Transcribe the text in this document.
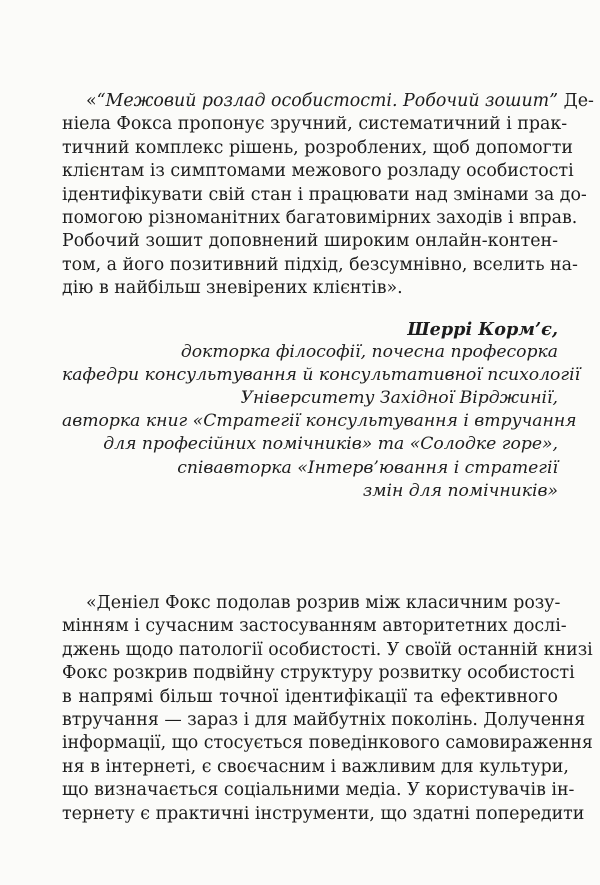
«“Межовий розлад особистості. Робочий зошит” Де-
ніела Фокса пропонує зручний, систематичний і прак-
тичний комплекс рішень, розроблених, щоб допомогти
клієнтам із симптомами межового розладу особистості
ідентифікувати свій стан і працювати над змінами за до-
помогою різноманітних багатовимірних заходів і вправ.
Робочий зошит доповнений широким онлайн-контен-
том, а його позитивний підхід, безсумнівно, вселить на-
дію в найбільш зневірених клієнтів».
Шеррі Корм’є,
докторка філософії, почесна професорка
кафедри консультування й консультативної психології
Університету Західної Вірджинії,
авторка книг «Стратегії консультування і втручання
для професійних помічників» та «Солодке горе»,
співавторка «Інтерв’ювання і стратегії
змін для помічників»
«Деніел Фокс подолав розрив між класичним розу-
мінням і сучасним застосуванням авторитетних дослі-
джень щодо патології особистості. У своїй останній книзі
Фокс розкрив подвійну структуру розвитку особистості
в напрямі більш точної ідентифікації та ефективного
втручання — зараз і для майбутніх поколінь. Долучення
інформації, що стосується поведінкового самовираження
ня в інтернеті, є своєчасним і важливим для культури,
що визначається соціальними медіа. У користувачів ін-
тернету є практичні інструменти, що здатні попередити
